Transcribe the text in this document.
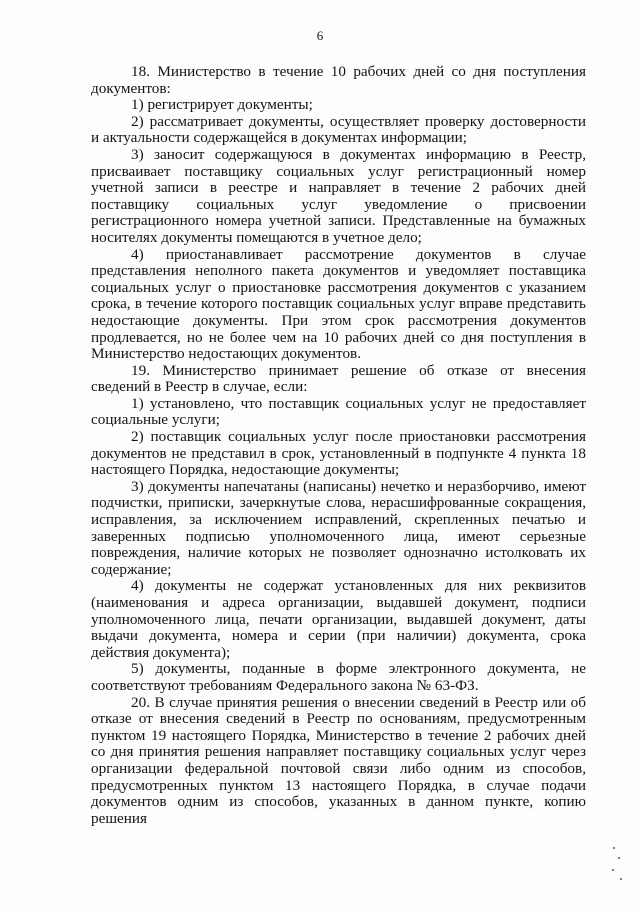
6

18. Министерство в течение 10 рабочих дней со дня поступления документов:

1) регистрирует документы;

2) рассматривает документы, осуществляет проверку достоверности и актуальности содержащейся в документах информации;

3) заносит содержащуюся в документах информацию в Реестр, присваивает поставщику социальных услуг регистрационный номер учетной записи в реестре и направляет в течение 2 рабочих дней поставщику социальных услуг уведомление о присвоении регистрационного номера учетной записи. Представленные на бумажных носителях документы помещаются в учетное дело;

4) приостанавливает рассмотрение документов в случае представления неполного пакета документов и уведомляет поставщика социальных услуг о приостановке рассмотрения документов с указанием срока, в течение которого поставщик социальных услуг вправе представить недостающие документы. При этом срок рассмотрения документов продлевается, но не более чем на 10 рабочих дней со дня поступления в Министерство недостающих документов.

19. Министерство принимает решение об отказе от внесения сведений в Реестр в случае, если:

1) установлено, что поставщик социальных услуг не предоставляет социальные услуги;

2) поставщик социальных услуг после приостановки рассмотрения документов не представил в срок, установленный в подпункте 4 пункта 18 настоящего Порядка, недостающие документы;

3) документы напечатаны (написаны) нечетко и неразборчиво, имеют подчистки, приписки, зачеркнутые слова, нерасшифрованные сокращения, исправления, за исключением исправлений, скрепленных печатью и заверенных подписью уполномоченного лица, имеют серьезные повреждения, наличие которых не позволяет однозначно истолковать их содержание;

4) документы не содержат установленных для них реквизитов (наименования и адреса организации, выдавшей документ, подписи уполномоченного лица, печати организации, выдавшей документ, даты выдачи документа, номера и серии (при наличии) документа, срока действия документа);

5) документы, поданные в форме электронного документа, не соответствуют требованиям Федерального закона № 63-ФЗ.

20. В случае принятия решения о внесении сведений в Реестр или об отказе от внесения сведений в Реестр по основаниям, предусмотренным пунктом 19 настоящего Порядка, Министерство в течение 2 рабочих дней со дня принятия решения направляет поставщику социальных услуг через организации федеральной почтовой связи либо одним из способов, предусмотренных пунктом 13 настоящего Порядка, в случае подачи документов одним из способов, указанных в данном пункте, копию решения
